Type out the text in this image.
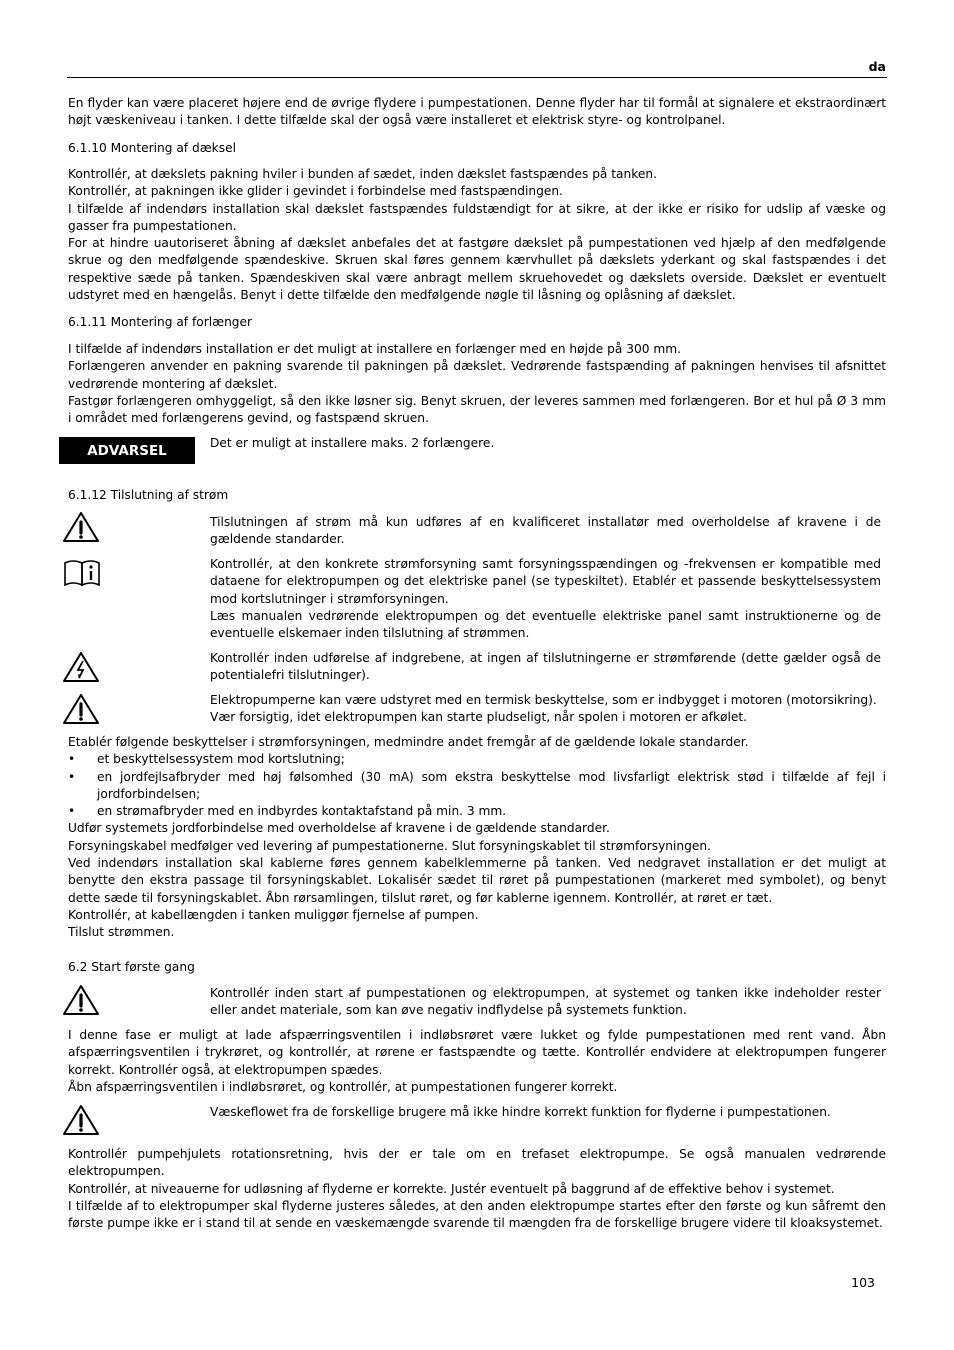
da

En flyder kan være placeret højere end de øvrige flydere i pumpestationen. Denne flyder har til formål at signalere et ekstraordinært højt væskeniveau i tanken. I dette tilfælde skal der også være installeret et elektrisk styre- og kontrolpanel.

6.1.10 Montering af dæksel

Kontrollér, at dækslets pakning hviler i bunden af sædet, inden dækslet fastspændes på tanken.

Kontrollér, at pakningen ikke glider i gevindet i forbindelse med fastspændingen.

I tilfælde af indendørs installation skal dækslet fastspændes fuldstændigt for at sikre, at der ikke er risiko for udslip af væske og gasser fra pumpestationen.

For at hindre uautoriseret åbning af dækslet anbefales det at fastgøre dækslet på pumpestationen ved hjælp af den medfølgende skrue og den medfølgende spændeskive. Skruen skal føres gennem kærvhullet på dækslets yderkant og skal fastspændes i det respektive sæde på tanken. Spændeskiven skal være anbragt mellem skruehovedet og dækslets overside. Dækslet er eventuelt udstyret med en hængelås. Benyt i dette tilfælde den medfølgende nøgle til låsning og oplåsning af dækslet.

6.1.11 Montering af forlænger

I tilfælde af indendørs installation er det muligt at installere en forlænger med en højde på 300 mm.

Forlængeren anvender en pakning svarende til pakningen på dækslet. Vedrørende fastspænding af pakningen henvises til afsnittet vedrørende montering af dækslet.

Fastgør forlængeren omhyggeligt, så den ikke løsner sig. Benyt skruen, der leveres sammen med forlængeren. Bor et hul på Ø 3 mm i området med forlængerens gevind, og fastspænd skruen.

ADVARSEL	Det er muligt at installere maks. 2 forlængere.

6.1.12 Tilslutning af strøm

Tilslutningen af strøm må kun udføres af en kvalificeret installatør med overholdelse af kravene i de gældende standarder.

Kontrollér, at den konkrete strømforsyning samt forsyningsspændingen og -frekvensen er kompatible med dataene for elektropumpen og det elektriske panel (se typeskiltet). Etablér et passende beskyttelsessystem mod kortslutninger i strømforsyningen.

Læs manualen vedrørende elektropumpen og det eventuelle elektriske panel samt instruktionerne og de eventuelle elskemaer inden tilslutning af strømmen.

Kontrollér inden udførelse af indgrebene, at ingen af tilslutningerne er strømførende (dette gælder også de potentialefri tilslutninger).

Elektropumperne kan være udstyret med en termisk beskyttelse, som er indbygget i motoren (motorsikring).

Vær forsigtig, idet elektropumpen kan starte pludseligt, når spolen i motoren er afkølet.

Etablér følgende beskyttelser i strømforsyningen, medmindre andet fremgår af de gældende lokale standarder.

• et beskyttelsessystem mod kortslutning;
• en jordfejlsafbryder med høj følsomhed (30 mA) som ekstra beskyttelse mod livsfarligt elektrisk stød i tilfælde af fejl i jordforbindelsen;
• en strømafbryder med en indbyrdes kontaktafstand på min. 3 mm.

Udfør systemets jordforbindelse med overholdelse af kravene i de gældende standarder.

Forsyningskabel medfølger ved levering af pumpestationerne. Slut forsyningskablet til strømforsyningen.

Ved indendørs installation skal kablerne føres gennem kabelklemmerne på tanken. Ved nedgravet installation er det muligt at benytte den ekstra passage til forsyningskablet. Lokalisér sædet til røret på pumpestationen (markeret med symbolet), og benyt dette sæde til forsyningskablet. Åbn rørsamlingen, tilslut røret, og før kablerne igennem. Kontrollér, at røret er tæt.

Kontrollér, at kabellængden i tanken muliggør fjernelse af pumpen.

Tilslut strømmen.

6.2 Start første gang

Kontrollér inden start af pumpestationen og elektropumpen, at systemet og tanken ikke indeholder rester eller andet materiale, som kan øve negativ indflydelse på systemets funktion.

I denne fase er muligt at lade afspærringsventilen i indløbsrøret være lukket og fylde pumpestationen med rent vand. Åbn afspærringsventilen i trykrøret, og kontrollér, at rørene er fastspændte og tætte. Kontrollér endvidere at elektropumpen fungerer korrekt. Kontrollér også, at elektropumpen spædes.

Åbn afspærringsventilen i indløbsrøret, og kontrollér, at pumpestationen fungerer korrekt.

Væskeflowet fra de forskellige brugere må ikke hindre korrekt funktion for flyderne i pumpestationen.

Kontrollér pumpehjulets rotationsretning, hvis der er tale om en trefaset elektropumpe. Se også manualen vedrørende elektropumpen.

Kontrollér, at niveauerne for udløsning af flyderne er korrekte. Justér eventuelt på baggrund af de effektive behov i systemet.

I tilfælde af to elektropumper skal flyderne justeres således, at den anden elektropumpe startes efter den første og kun såfremt den første pumpe ikke er i stand til at sende en væskemængde svarende til mængden fra de forskellige brugere videre til kloaksystemet.

103
